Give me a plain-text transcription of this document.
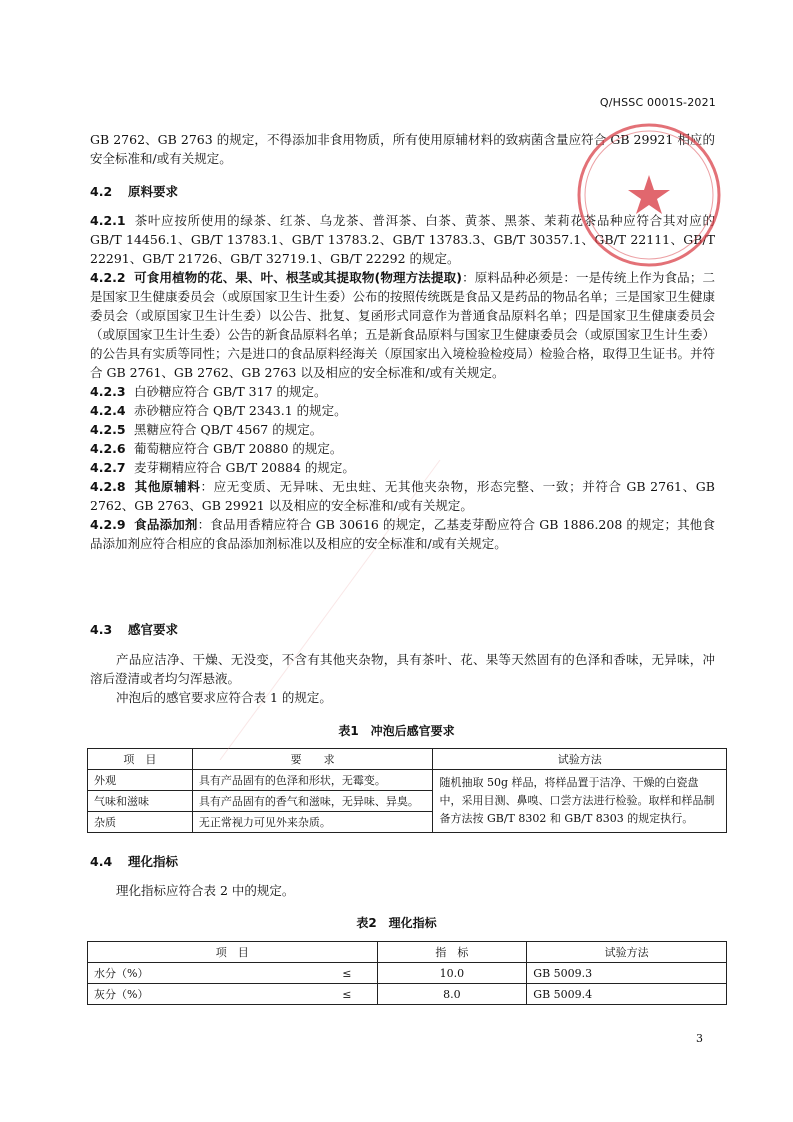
Q/HSSC 0001S-2021

GB 2762、GB 2763 的规定，不得添加非食用物质，所有使用原辅材料的致病菌含量应符合 GB 29921 相应的安全标准和/或有关规定。

4.2 原料要求

4.2.1 茶叶应按所使用的绿茶、红茶、乌龙茶、普洱茶、白茶、黄茶、黑茶、茉莉花茶品种应符合其对应的 GB/T 14456.1、GB/T 13783.1、GB/T 13783.2、GB/T 13783.3、GB/T 30357.1、GB/T 22111、GB/T 22291、GB/T 21726、GB/T 32719.1、GB/T 22292 的规定。

4.2.2 可食用植物的花、果、叶、根茎或其提取物(物理方法提取)：原料品种必须是：一是传统上作为食品；二是国家卫生健康委员会（或原国家卫生计生委）公布的按照传统既是食品又是药品的物品名单；三是国家卫生健康委员会（或原国家卫生计生委）以公告、批复、复函形式同意作为普通食品原料名单；四是国家卫生健康委员会（或原国家卫生计生委）公告的新食品原料名单；五是新食品原料与国家卫生健康委员会（或原国家卫生计生委）的公告具有实质等同性；六是进口的食品原料经海关（原国家出入境检验检疫局）检验合格，取得卫生证书。并符合 GB 2761、GB 2762、GB 2763 以及相应的安全标准和/或有关规定。

4.2.3 白砂糖应符合 GB/T 317 的规定。

4.2.4 赤砂糖应符合 QB/T 2343.1 的规定。

4.2.5 黑糖应符合 QB/T 4567 的规定。

4.2.6 葡萄糖应符合 GB/T 20880 的规定。

4.2.7 麦芽糊精应符合 GB/T 20884 的规定。

4.2.8 其他原辅料：应无变质、无异味、无虫蛀、无其他夹杂物，形态完整、一致；并符合 GB 2761、GB 2762、GB 2763、GB 29921 以及相应的安全标准和/或有关规定。

4.2.9 食品添加剂：食品用香精应符合 GB 30616 的规定，乙基麦芽酚应符合 GB 1886.208 的规定；其他食品添加剂应符合相应的食品添加剂标准以及相应的安全标准和/或有关规定。

4.3 感官要求

产品应洁净、干燥、无没变，不含有其他夹杂物，具有茶叶、花、果等天然固有的色泽和香味，无异味，冲溶后澄清或者均匀浑悬液。

冲泡后的感官要求应符合表 1 的规定。

表1　冲泡后感官要求
项　目	要　　求	试验方法
外观	具有产品固有的色泽和形状，无霉变。	随机抽取 50g 样品，将样品置于洁净、干燥的白瓷盘中，采用目测、鼻嗅、口尝方法进行检验。取样和样品制备方法按 GB/T 8302 和 GB/T 8303 的规定执行。
气味和滋味	具有产品固有的香气和滋味，无异味、异臭。	
杂质	无正常视力可见外来杂质。	
4.4 理化指标

理化指标应符合表 2 中的规定。

表2　理化指标
项　目		指　标	试验方法
水分（%）	≤	10.0	GB 5009.3
灰分（%）	≤	8.0	GB 5009.4
3
